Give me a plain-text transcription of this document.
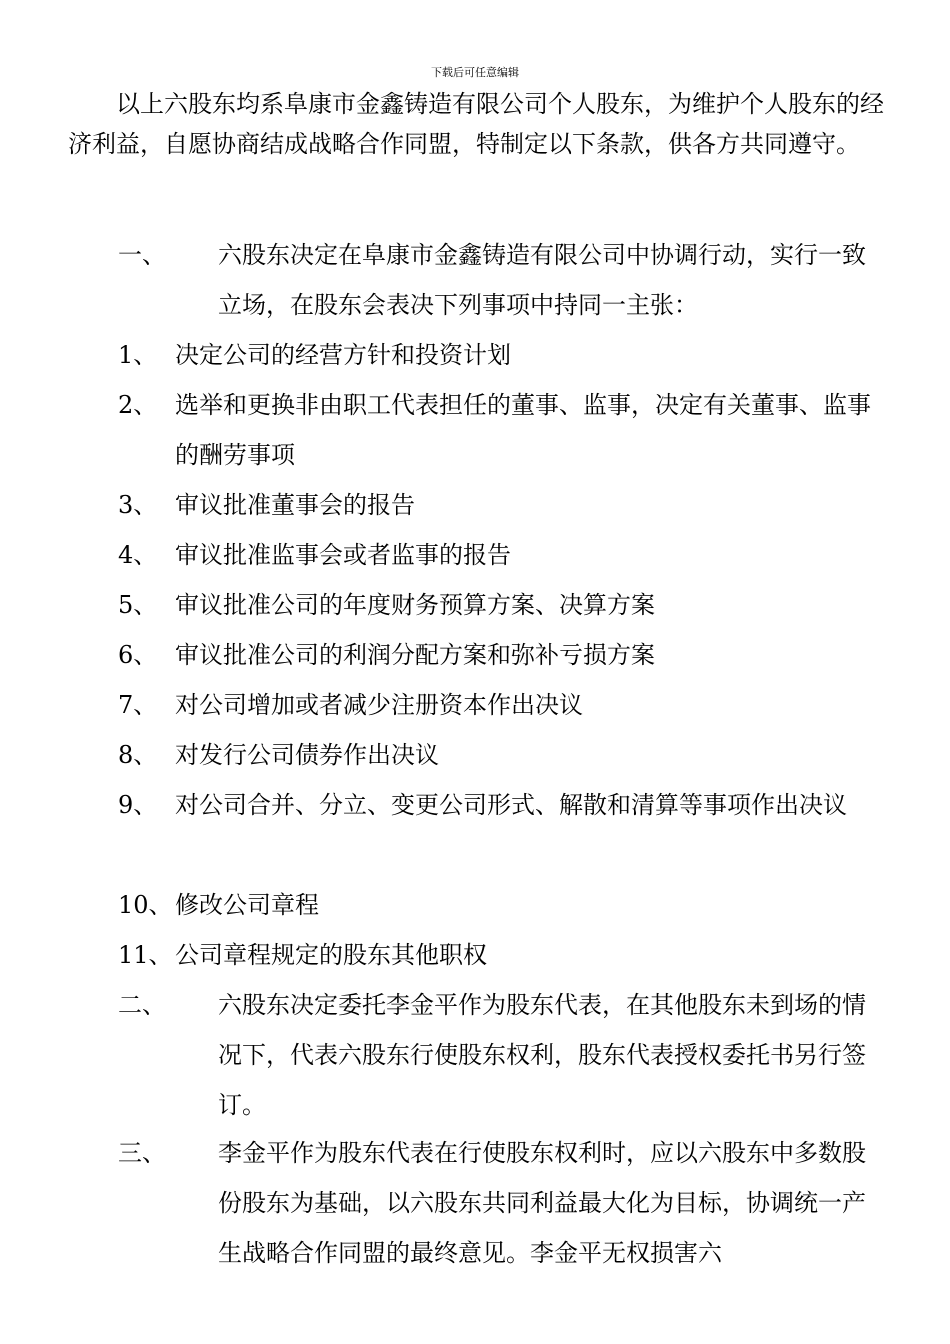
下载后可任意编辑
以上六股东均系阜康市金鑫铸造有限公司个人股东，为维护个人股东的经济利益，自愿协商结成战略合作同盟，特制定以下条款，供各方共同遵守。
一、 六股东决定在阜康市金鑫铸造有限公司中协调行动，实行一致立场，在股东会表决下列事项中持同一主张：
1、 决定公司的经营方针和投资计划
2、 选举和更换非由职工代表担任的董事、监事，决定有关董事、监事的酬劳事项
3、 审议批准董事会的报告
4、 审议批准监事会或者监事的报告
5、 审议批准公司的年度财务预算方案、决算方案
6、 审议批准公司的利润分配方案和弥补亏损方案
7、 对公司增加或者减少注册资本作出决议
8、 对发行公司债券作出决议
9、 对公司合并、分立、变更公司形式、解散和清算等事项作出决议
10、 修改公司章程
11、 公司章程规定的股东其他职权
二、 六股东决定委托李金平作为股东代表，在其他股东未到场的情况下，代表六股东行使股东权利，股东代表授权委托书另行签订。
三、 李金平作为股东代表在行使股东权利时，应以六股东中多数股份股东为基础，以六股东共同利益最大化为目标，协调统一产生战略合作同盟的最终意见。李金平无权损害六
